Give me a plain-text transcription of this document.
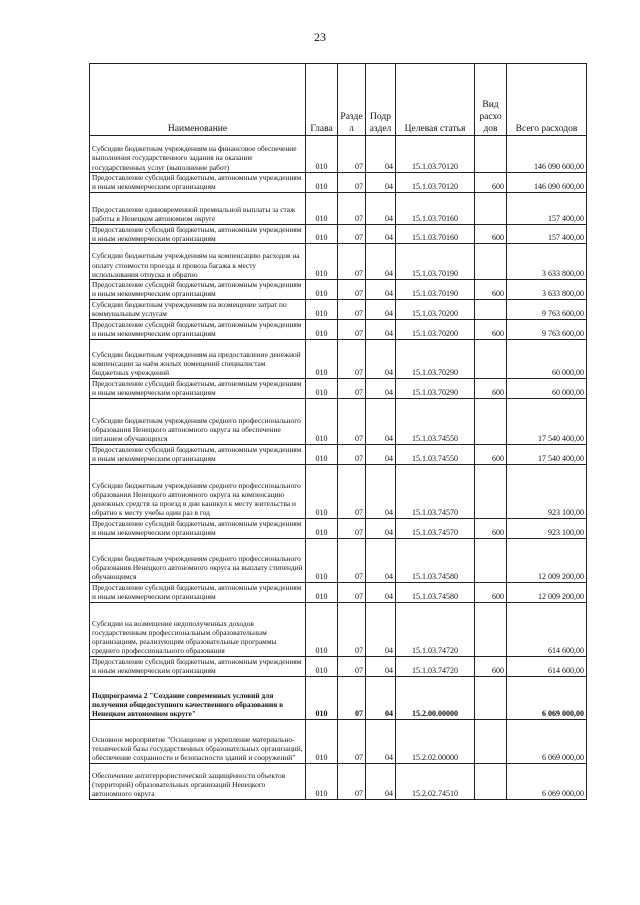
23
Наименование	Глава	Разде л	Подр аздел	Целевая статья	Вид расхо дов	Всего расходов
Субсидии бюджетным учреждениям на финансовое обеспечение выполнения государственного задания на оказание государственных услуг (выполнение работ)	010	07	04	15.1.03.70120		146 090 600,00
Предоставление субсидий бюджетным, автономным учреждениям и иным некоммерческим организациям	010	07	04	15.1.03.70120	600	146 090 600,00
Предоставление единовременной премиальной выплаты за стаж работы в Ненецком автономном округе	010	07	04	15.1.03.70160		157 400,00
Предоставление субсидий бюджетным, автономным учреждениям и иным некоммерческим организациям	010	07	04	15.1.03.70160	600	157 400,00
Субсидии бюджетным учреждениям на компенсацию расходов на оплату стоимости проезда и провоза багажа к месту использования отпуска и обратно	010	07	04	15.1.03.70190		3 633 800,00
Предоставление субсидий бюджетным, автономным учреждениям и иным некоммерческим организациям	010	07	04	15.1.03.70190	600	3 633 800,00
Субсидии бюджетным учреждениям на возмещение затрат по коммунальным услугам	010	07	04	15.1.03.70200		9 763 600,00
Предоставление субсидий бюджетным, автономным учреждениям и иным некоммерческим организациям	010	07	04	15.1.03.70200	600	9 763 600,00
Субсидии бюджетным учреждениям на предоставление денежной компенсации за наём жилых помещений специалистам бюджетных учреждений	010	07	04	15.1.03.70290		60 000,00
Предоставление субсидий бюджетным, автономным учреждениям и иным некоммерческим организациям	010	07	04	15.1.03.70290	600	60 000,00
Субсидии бюджетным учреждениям среднего профессионального образования Ненецкого автономного округа на обеспечение питанием обучающихся	010	07	04	15.1.03.74550		17 540 400,00
Предоставление субсидий бюджетным, автономным учреждениям и иным некоммерческим организациям	010	07	04	15.1.03.74550	600	17 540 400,00
Субсидии бюджетным учреждениям среднего профессионального образования Ненецкого автономного округа на компенсацию денежных средств за проезд в дни каникул к месту жительства и обратно к месту учебы один раз в год	010	07	04	15.1.03.74570		923 100,00
Предоставление субсидий бюджетным, автономным учреждениям и иным некоммерческим организациям	010	07	04	15.1.03.74570	600	923 100,00
Субсидии бюджетным учреждениям среднего профессионального образования Ненецкого автономного округа на выплату стипендий обучающимся	010	07	04	15.1.03.74580		12 009 200,00
Предоставление субсидий бюджетным, автономным учреждениям и иным некоммерческим организациям	010	07	04	15.1.03.74580	600	12 009 200,00
Субсидии на возмещение недополученных доходов государственным профессиональным образовательным организациям, реализующим образовательные программы среднего профессионального образования	010	07	04	15.1.03.74720		614 600,00
Предоставление субсидий бюджетным, автономным учреждениям и иным некоммерческим организациям	010	07	04	15.1.03.74720	600	614 600,00
Подпрограмма 2 "Создание современных условий для получения общедоступного качественного образования в Ненецком автономном округе"	010	07	04	15.2.00.00000		6 069 000,00
Основное мероприятие "Оснащение и укрепление материально-технической базы государственных образовательных организаций, обеспечение сохранности и безопасности зданий и сооружений"	010	07	04	15.2.02.00000		6 069 000,00
Обеспечение антитеррористической защищённости объектов (территорий) образовательных организаций Ненецкого автономного округа	010	07	04	15.2.02.74510		6 069 000,00
